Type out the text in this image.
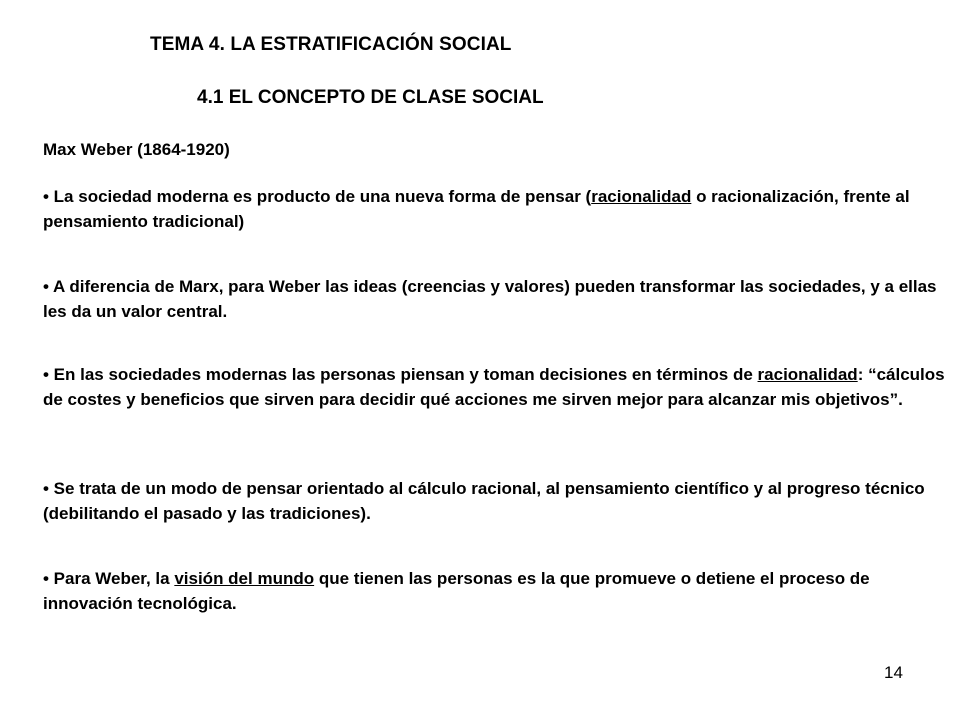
TEMA 4. LA ESTRATIFICACIÓN SOCIAL
4.1 EL CONCEPTO DE CLASE SOCIAL
Max Weber (1864-1920)
• La sociedad moderna es producto de una nueva forma de pensar (racionalidad o racionalización, frente al pensamiento tradicional)
• A diferencia de Marx, para Weber las ideas (creencias y valores) pueden transformar las sociedades, y a ellas les da un valor central.
• En las sociedades modernas las personas piensan y toman decisiones en términos de racionalidad: “cálculos de costes y beneficios que sirven para decidir qué acciones me sirven mejor para alcanzar mis objetivos”.
• Se trata de un modo de pensar orientado al cálculo racional, al pensamiento científico y al progreso técnico (debilitando el pasado y las tradiciones).
• Para Weber, la visión del mundo que tienen las personas es la que promueve o detiene el proceso de innovación tecnológica.
14
